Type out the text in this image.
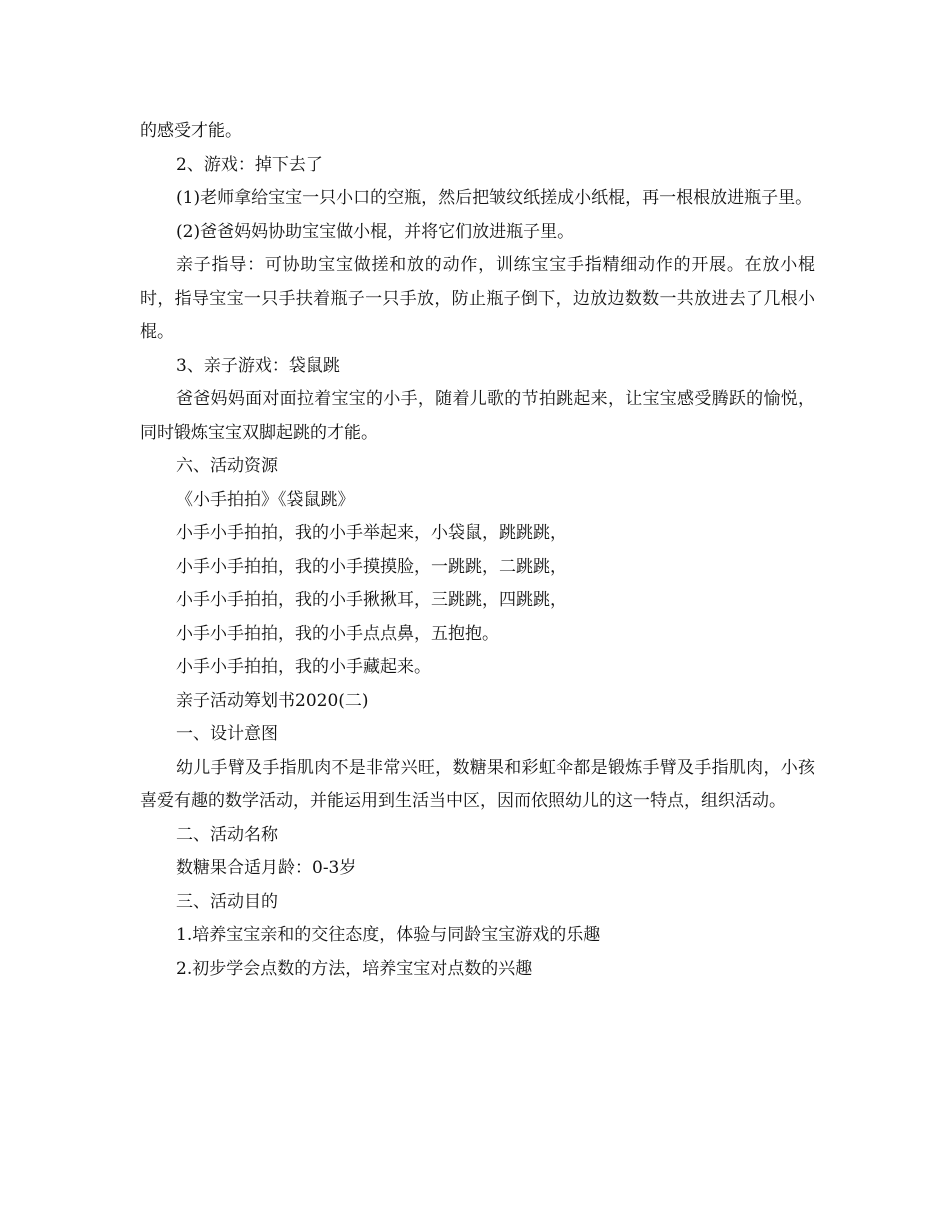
的感受才能。

2、游戏：掉下去了

(1)老师拿给宝宝一只小口的空瓶，然后把皱纹纸搓成小纸棍，再一根根放进瓶子里。

(2)爸爸妈妈协助宝宝做小棍，并将它们放进瓶子里。

亲子指导：可协助宝宝做搓和放的动作，训练宝宝手指精细动作的开展。在放小棍时，指导宝宝一只手扶着瓶子一只手放，防止瓶子倒下，边放边数数一共放进去了几根小棍。

3、亲子游戏：袋鼠跳

爸爸妈妈面对面拉着宝宝的小手，随着儿歌的节拍跳起来，让宝宝感受腾跃的愉悦，同时锻炼宝宝双脚起跳的才能。

六、活动资源

《小手拍拍》《袋鼠跳》

小手小手拍拍，我的小手举起来，小袋鼠，跳跳跳，

小手小手拍拍，我的小手摸摸脸，一跳跳，二跳跳，

小手小手拍拍，我的小手揪揪耳，三跳跳，四跳跳，

小手小手拍拍，我的小手点点鼻，五抱抱。

小手小手拍拍，我的小手藏起来。

亲子活动筹划书2020(二)

一、设计意图

幼儿手臂及手指肌肉不是非常兴旺，数糖果和彩虹伞都是锻炼手臂及手指肌肉，小孩喜爱有趣的数学活动，并能运用到生活当中区，因而依照幼儿的这一特点，组织活动。

二、活动名称

数糖果合适月龄：0-3岁

三、活动目的

1.培养宝宝亲和的交往态度，体验与同龄宝宝游戏的乐趣

2.初步学会点数的方法，培养宝宝对点数的兴趣
